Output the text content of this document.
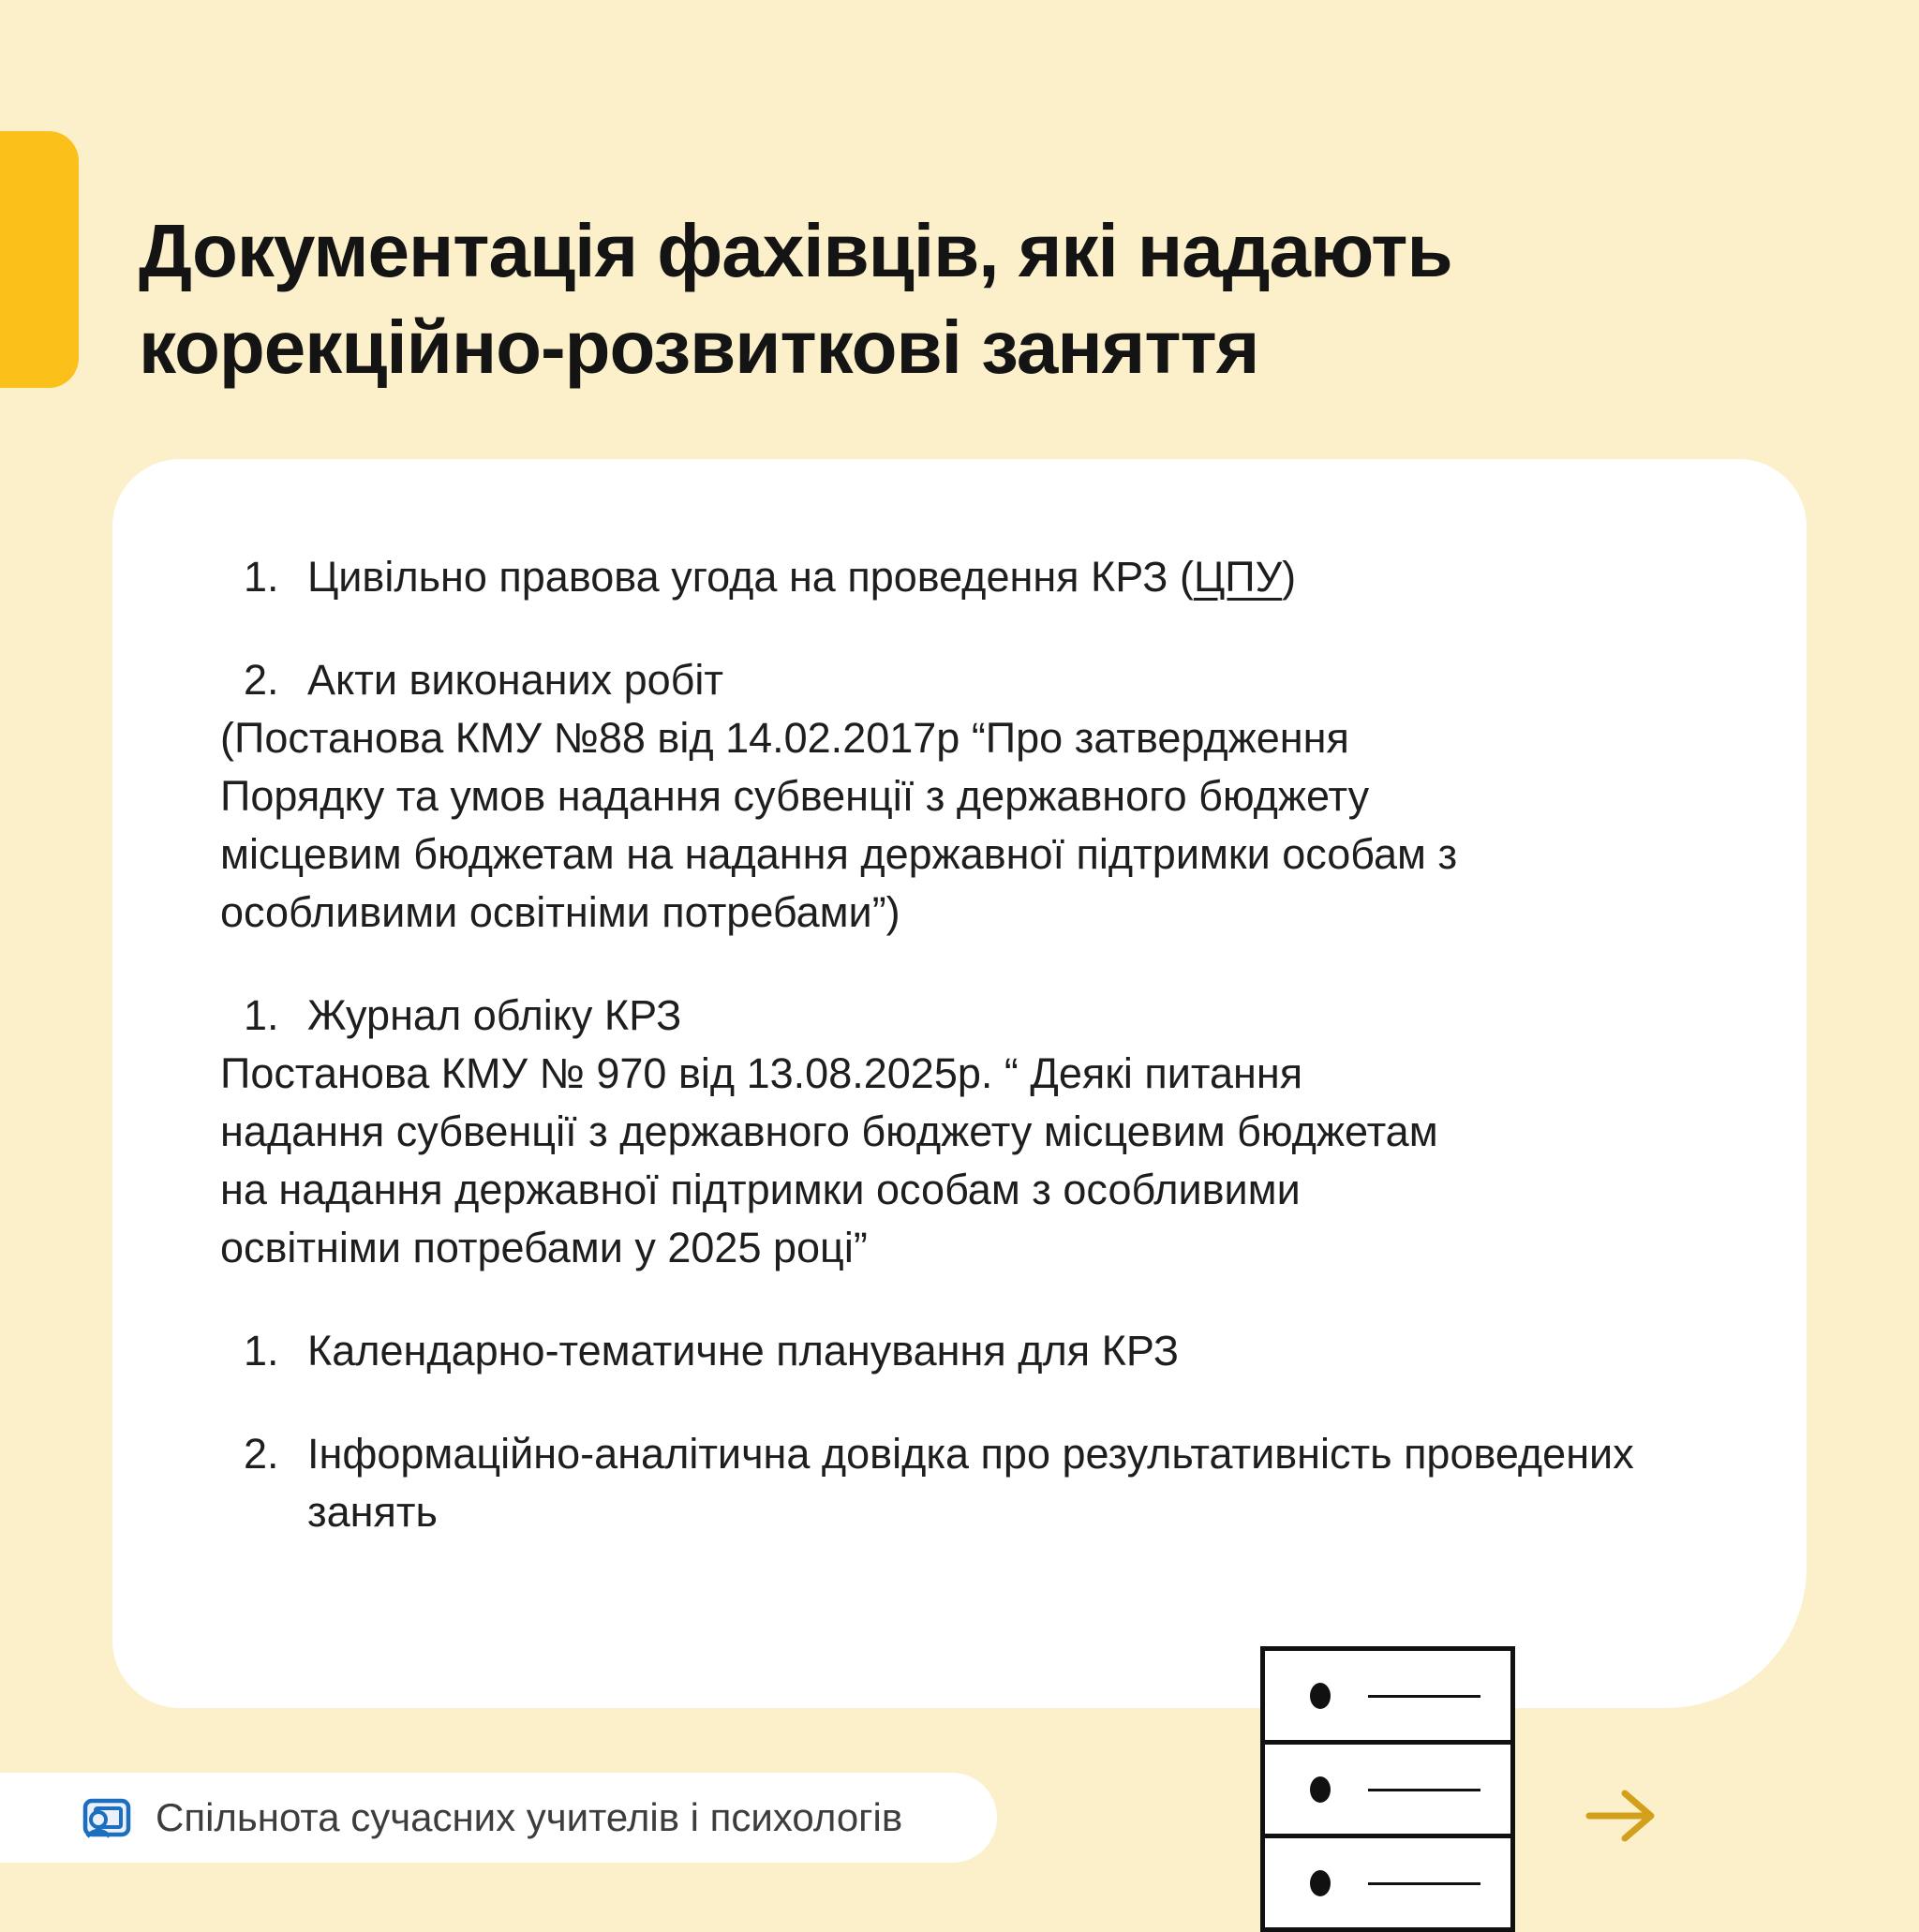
Документація фахівців, які надають корекційно-розвиткові заняття
1. Цивільно правова угода на проведення КРЗ (ЦПУ)
2. Акти виконаних робіт
(Постанова КМУ №88 від 14.02.2017р “Про затвердження Порядку та умов надання субвенції з державного бюджету місцевим бюджетам на надання державної підтримки особам з особливими освітніми потребами”)
1. Журнал обліку КРЗ
Постанова КМУ № 970 від 13.08.2025р. “ Деякі питання надання субвенції з державного бюджету місцевим бюджетам на надання державної підтримки особам з особливими освітніми потребами у 2025 році”
1. Календарно-тематичне планування для КРЗ
2. Інформаційно-аналітична довідка про результативність проведених занять
Спільнота сучасних учителів і психологів
